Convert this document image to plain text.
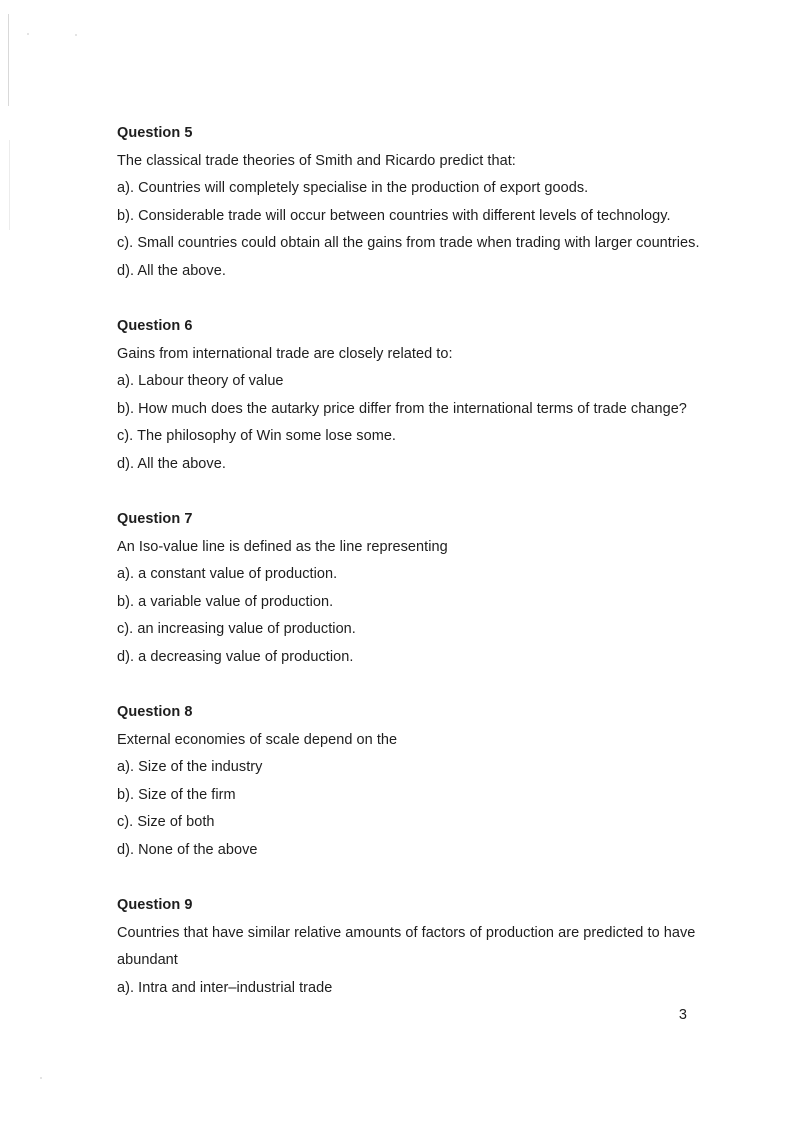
Question 5

The classical trade theories of Smith and Ricardo predict that:

a). Countries will completely specialise in the production of export goods.

b). Considerable trade will occur between countries with different levels of technology.

c). Small countries could obtain all the gains from trade when trading with larger countries.

d). All the above.

Question 6

Gains from international trade are closely related to:

a). Labour theory of value

b). How much does the autarky price differ from the international terms of trade change?

c). The philosophy of Win some lose some.

d). All the above.

Question 7

An Iso-value line is defined as the line representing

a). a constant value of production.

b). a variable value of production.

c). an increasing value of production.

d). a decreasing value of production.

Question 8

External economies of scale depend on the

a). Size of the industry

b). Size of the firm

c). Size of both

d). None of the above

Question 9

Countries that have similar relative amounts of factors of production are predicted to have

abundant

a). Intra and inter–industrial trade

3
